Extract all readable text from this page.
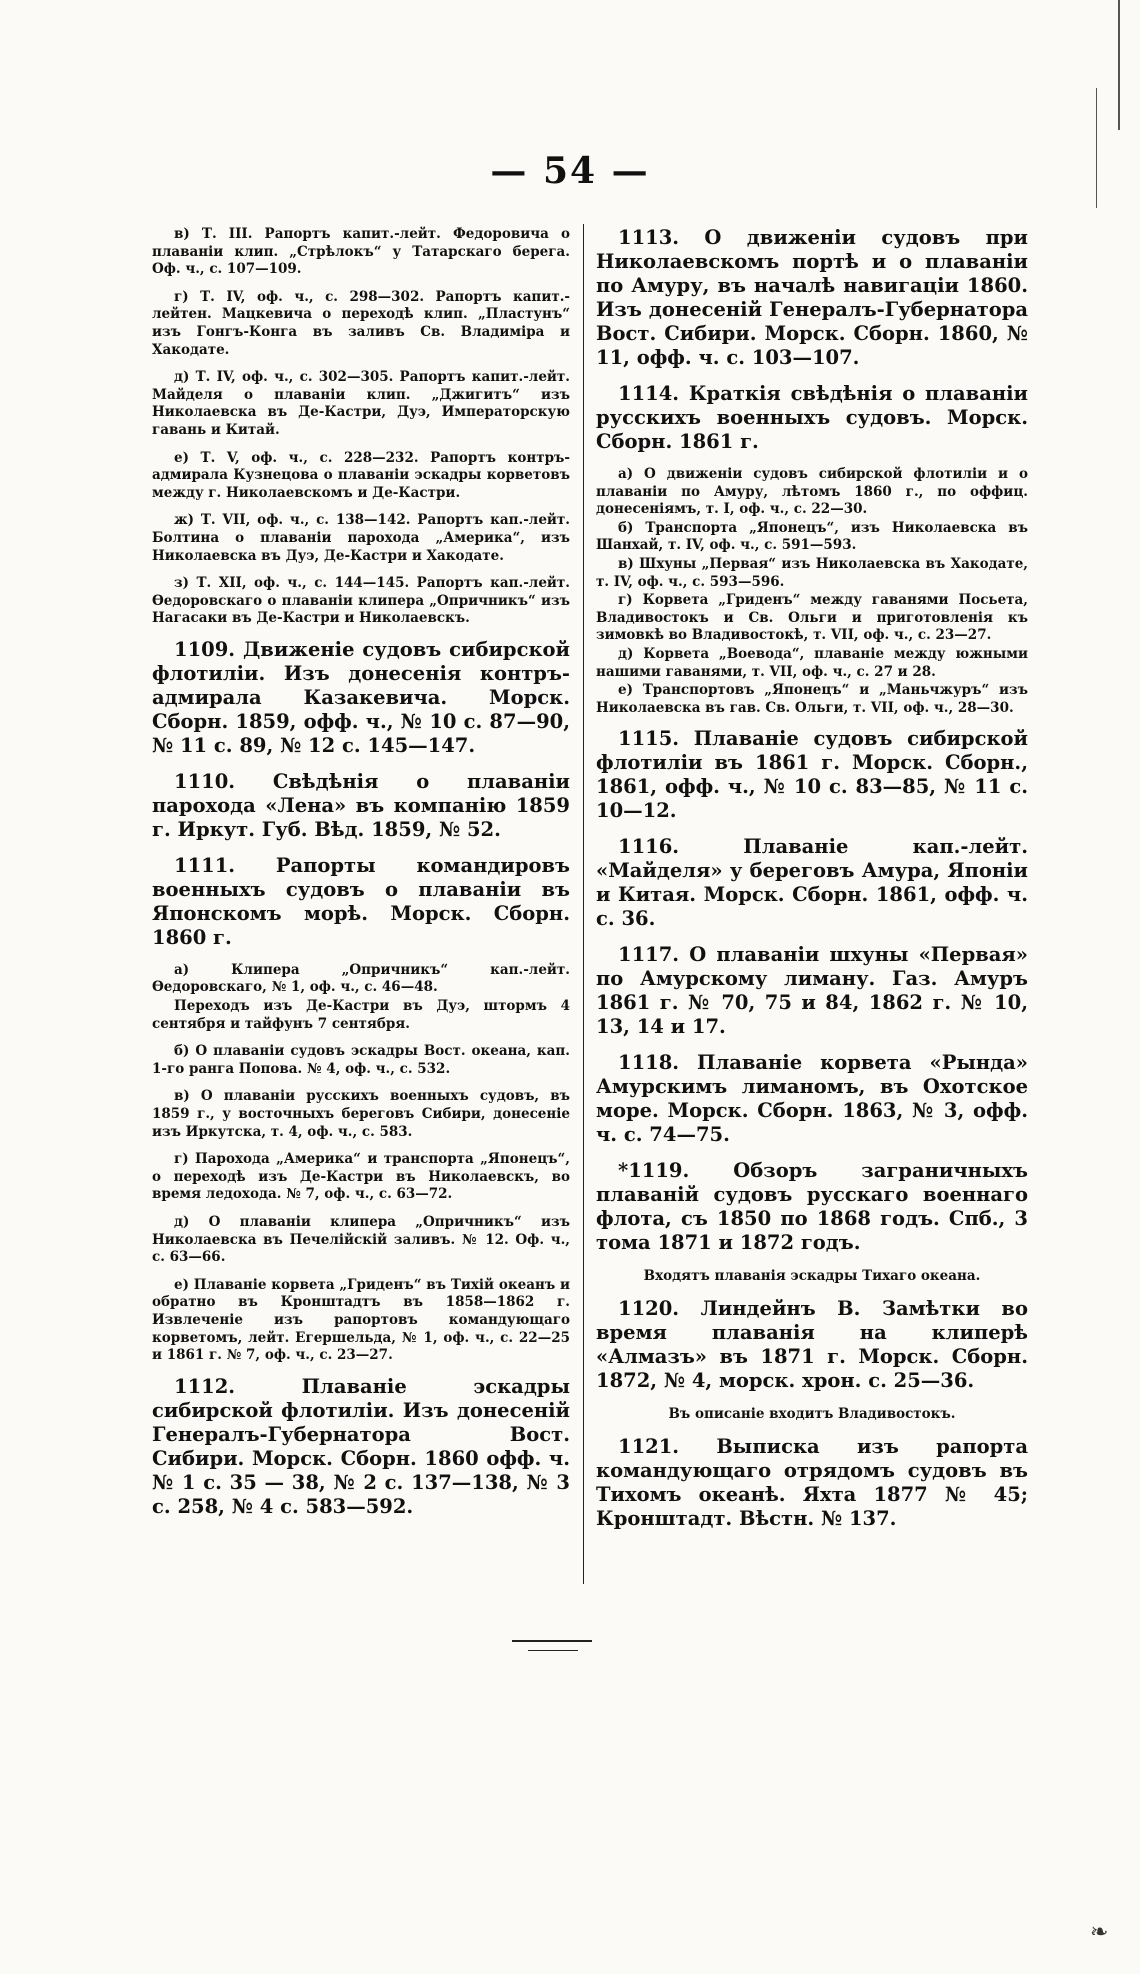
— 54 —

в) Т. III. Рапортъ капит.-лейт. Федоровича о плаваніи клип. „Стрѣлокъ“ у Татарскаго берега. Оф. ч., с. 107—109.

г) Т. IV, оф. ч., с. 298—302. Рапортъ капит.-лейтен. Мацкевича о переходѣ клип. „Пластунъ“ изъ Гонгъ-Конга въ заливъ Св. Владиміра и Хакодате.

д) Т. IV, оф. ч., с. 302—305. Рапортъ капит.-лейт. Майделя о плаваніи клип. „Джигитъ“ изъ Николаевска въ Де-Кастри, Дуэ, Императорскую гавань и Китай.

е) Т. V, оф. ч., с. 228—232. Рапортъ контръ-адмирала Кузнецова о плаваніи эскадры корветовъ между г. Николаевскомъ и Де-Кастри.

ж) Т. VII, оф. ч., с. 138—142. Рапортъ кап.-лейт. Болтина о плаваніи парохода „Америка“, изъ Николаевска въ Дуэ, Де-Кастри и Хакодате.

з) Т. XII, оф. ч., с. 144—145. Рапортъ кап.-лейт. Ѳедоровскаго о плаваніи клипера „Опричникъ“ изъ Нагасаки въ Де-Кастри и Николаевскъ.

1109. Движеніе судовъ сибирской флотиліи. Изъ донесенія контръ-адмирала Казакевича. Морск. Сборн. 1859, офф. ч., № 10 с. 87—90, № 11 с. 89, № 12 с. 145—147.

1110. Свѣдѣнія о плаваніи парохода «Лена» въ компанію 1859 г. Иркут. Губ. Вѣд. 1859, № 52.

1111. Рапорты командировъ военныхъ судовъ о плаваніи въ Японскомъ морѣ. Морск. Сборн. 1860 г.

а) Клипера „Опричникъ“ кап.-лейт. Ѳедоровскаго, № 1, оф. ч., с. 46—48.

Переходъ изъ Де-Кастри въ Дуэ, штормъ 4 сентября и тайфунъ 7 сентября.

б) О плаваніи судовъ эскадры Вост. океана, кап. 1-го ранга Попова. № 4, оф. ч., с. 532.

в) О плаваніи русскихъ военныхъ судовъ, въ 1859 г., у восточныхъ береговъ Сибири, донесеніе изъ Иркутска, т. 4, оф. ч., с. 583.

г) Парохода „Америка“ и транспорта „Японецъ“, о переходѣ изъ Де-Кастри въ Николаевскъ, во время ледохода. № 7, оф. ч., с. 63—72.

д) О плаваніи клипера „Опричникъ“ изъ Николаевска въ Печелійскій заливъ. № 12. Оф. ч., с. 63—66.

е) Плаваніе корвета „Гриденъ“ въ Тихій океанъ и обратно въ Кронштадтъ въ 1858—1862 г. Извлеченіе изъ рапортовъ командующаго корветомъ, лейт. Егершельда, № 1, оф. ч., с. 22—25 и 1861 г. № 7, оф. ч., с. 23—27.

1112. Плаваніе эскадры сибирской флотиліи. Изъ донесеній Генералъ-Губернатора Вост. Сибири. Морск. Сборн. 1860 офф. ч. № 1 с. 35 — 38, № 2 с. 137—138, № 3 с. 258, № 4 с. 583—592.

1113. О движеніи судовъ при Николаевскомъ портѣ и о плаваніи по Амуру, въ началѣ навигаціи 1860. Изъ донесеній Генералъ-Губернатора Вост. Сибири. Морск. Сборн. 1860, № 11, офф. ч. с. 103—107.

1114. Краткія свѣдѣнія о плаваніи русскихъ военныхъ судовъ. Морск. Сборн. 1861 г.

а) О движеніи судовъ сибирской флотиліи и о плаваніи по Амуру, лѣтомъ 1860 г., по оффиц. донесеніямъ, т. I, оф. ч., с. 22—30.

б) Транспорта „Японецъ“, изъ Николаевска въ Шанхай, т. IV, оф. ч., с. 591—593.

в) Шхуны „Первая“ изъ Николаевска въ Хакодате, т. IV, оф. ч., с. 593—596.

г) Корвета „Гриденъ“ между гаванями Посьета, Владивостокъ и Св. Ольги и приготовленія къ зимовкѣ во Владивостокѣ, т. VII, оф. ч., с. 23—27.

д) Корвета „Воевода“, плаваніе между южными нашими гаванями, т. VII, оф. ч., с. 27 и 28.

е) Транспортовъ „Японецъ“ и „Маньчжуръ“ изъ Николаевска въ гав. Св. Ольги, т. VII, оф. ч., 28—30.

1115. Плаваніе судовъ сибирской флотиліи въ 1861 г. Морск. Сборн., 1861, офф. ч., № 10 с. 83—85, № 11 с. 10—12.

1116. Плаваніе кап.-лейт. «Майделя» у береговъ Амура, Японіи и Китая. Морск. Сборн. 1861, офф. ч. с. 36.

1117. О плаваніи шхуны «Первая» по Амурскому лиману. Газ. Амуръ 1861 г. № 70, 75 и 84, 1862 г. № 10, 13, 14 и 17.

1118. Плаваніе корвета «Рында» Амурскимъ лиманомъ, въ Охотское море. Морск. Сборн. 1863, № 3, офф. ч. с. 74—75.

*1119. Обзоръ заграничныхъ плаваній судовъ русскаго военнаго флота, съ 1850 по 1868 годъ. Спб., 3 тома 1871 и 1872 годъ.

Входятъ плаванія эскадры Тихаго океана.

1120. Линдейнъ В. Замѣтки во время плаванія на клиперѣ «Алмазъ» въ 1871 г. Морск. Сборн. 1872, № 4, морск. хрон. с. 25—36.

Въ описаніе входитъ Владивостокъ.

1121. Выписка изъ рапорта командующаго отрядомъ судовъ въ Тихомъ океанѣ. Яхта 1877 № 45; Кронштадт. Вѣстн. № 137.

❧
